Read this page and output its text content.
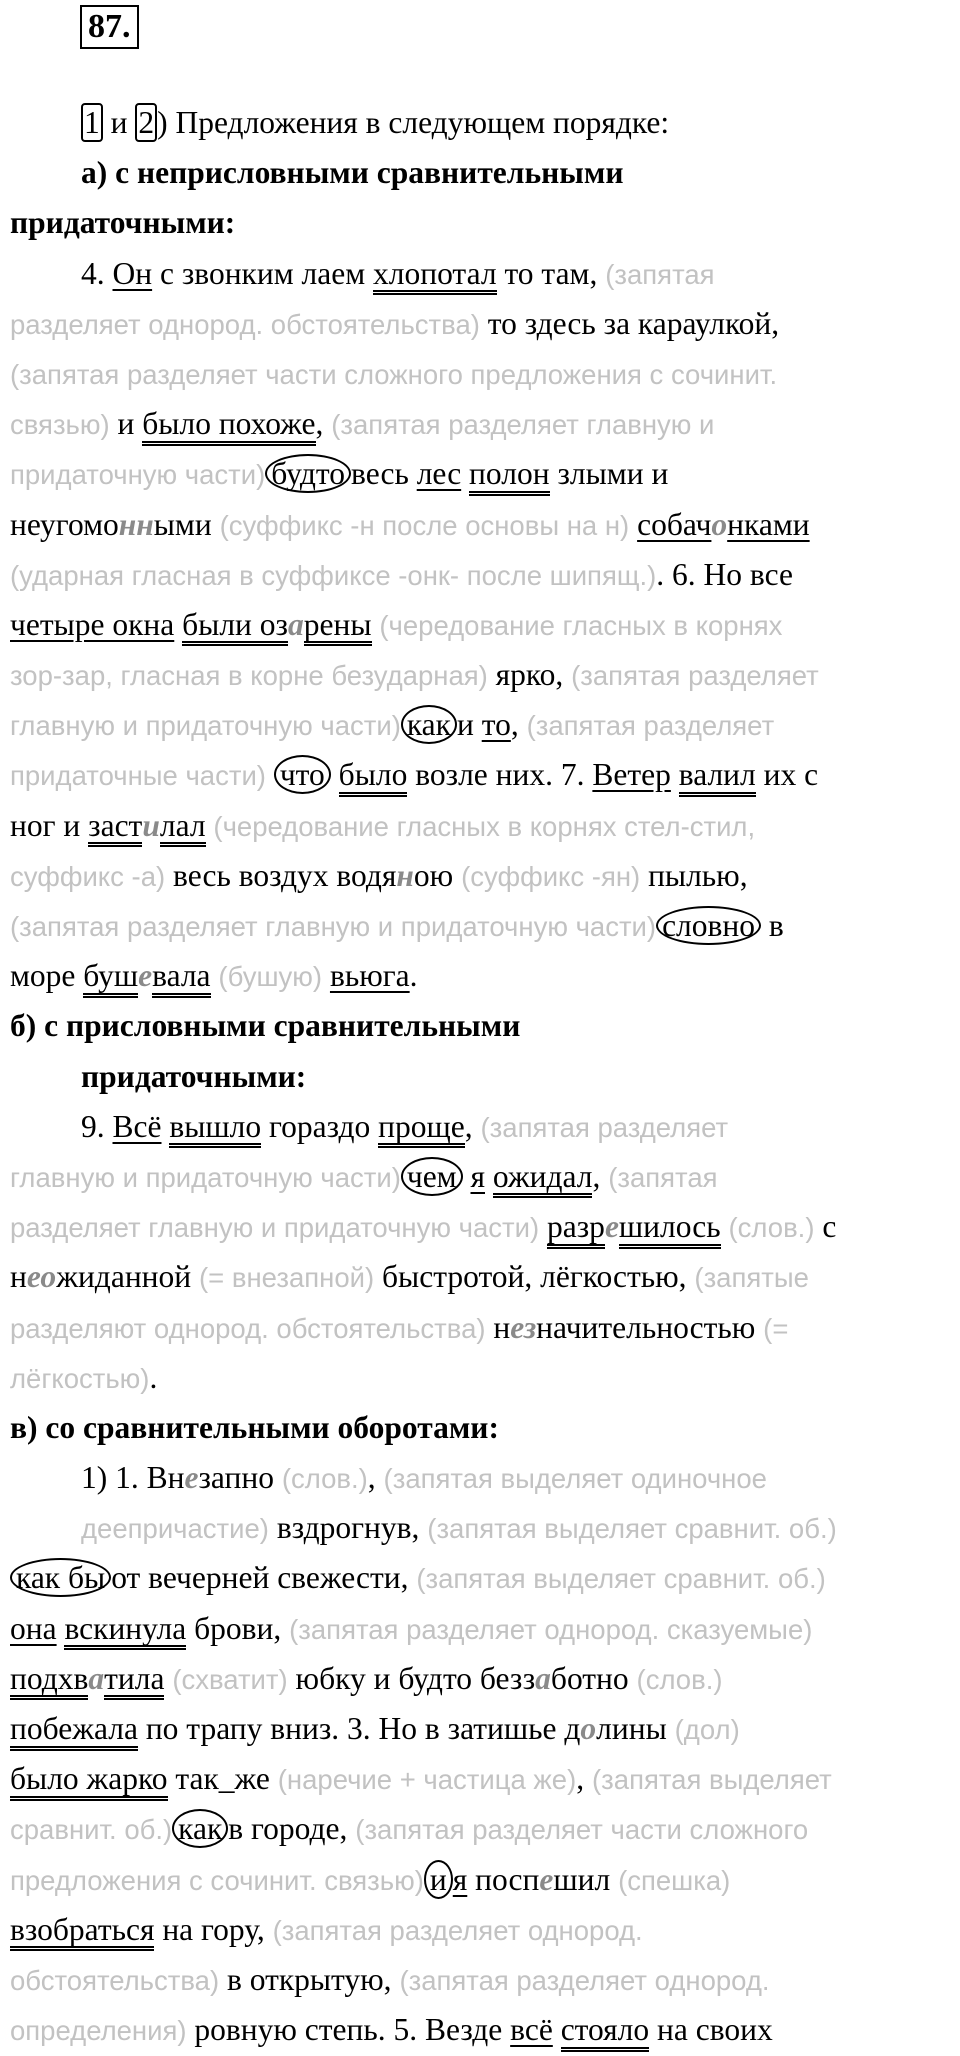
87.
1 и 2) Предложения в следующем порядке:
а) с неприсловными сравнительными
придаточными:
4. Он с звонким лаем хлопотал то там, (запятая
разделяет однород. обстоятельства) то здесь за караулкой,
(запятая разделяет части сложного предложения с сочинит.
связью) и было похоже, (запятая разделяет главную и
придаточную части) будто весь лес полон злыми и
неугомонными (суффикс -н после основы на н) собачонками
(ударная гласная в суффиксе -онк- после шипящ.). 6. Но все
четыре окна были озарены (чередование гласных в корнях
зор-зар, гласная в корне безударная) ярко, (запятая разделяет
главную и придаточную части) как и то, (запятая разделяет
придаточные части) что было возле них. 7. Ветер валил их с
ног и застилал (чередование гласных в корнях стел-стил,
суффикс -а) весь воздух водяною (суффикс -ян) пылью,
(запятая разделяет главную и придаточную части) словно в
море бушевала (бушую) вьюга.
б) с присловными сравнительными
придаточными:
9. Всё вышло гораздо проще, (запятая разделяет
главную и придаточную части) чем я ожидал, (запятая
разделяет главную и придаточную части) разрешилось (слов.) с
неожиданной (= внезапной) быстротой, лёгкостью, (запятые
разделяют однород. обстоятельства) незначительностью (=
лёгкостью).
в) со сравнительными оборотами:
1) 1. Внезапно (слов.), (запятая выделяет одиночное
деепричастие) вздрогнув, (запятая выделяет сравнит. об.)
как бы от вечерней свежести, (запятая выделяет сравнит. об.)
она вскинула брови, (запятая разделяет однород. сказуемые)
подхватила (схватит) юбку и будто беззаботно (слов.)
побежала по трапу вниз. 3. Но в затишье долины (дол)
было жарко так_же (наречие + частица же), (запятая выделяет
сравнит. об.) как в городе, (запятая разделяет части сложного
предложения с сочинит. связью) и я поспешил (спешка)
взобраться на гору, (запятая разделяет однород.
обстоятельства) в открытую, (запятая разделяет однород.
определения) ровную степь. 5. Везде всё стояло на своих
